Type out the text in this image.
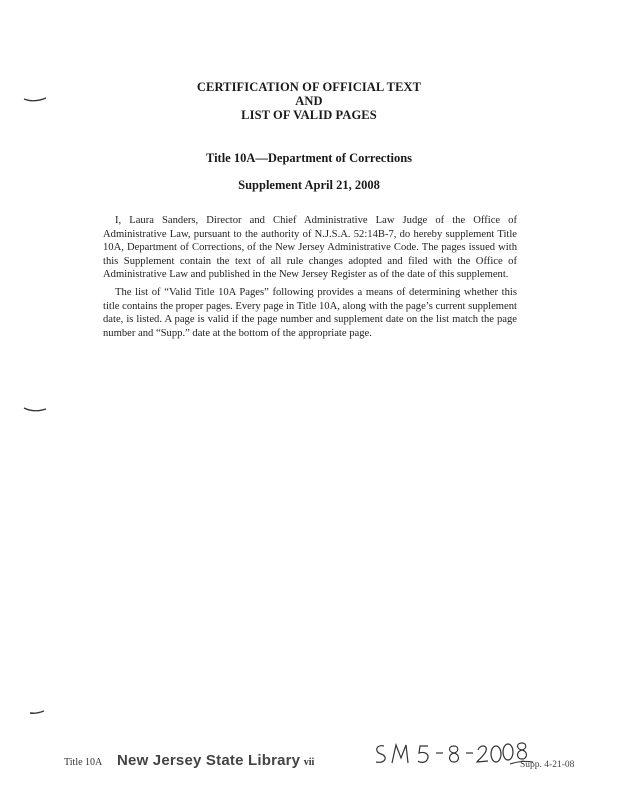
CERTIFICATION OF OFFICIAL TEXT
AND
LIST OF VALID PAGES
Title 10A—Department of Corrections
Supplement April 21, 2008
I, Laura Sanders, Director and Chief Administrative Law Judge of the Office of Administrative Law, pursuant to the authority of N.J.S.A. 52:14B-7, do hereby supplement Title 10A, Department of Corrections, of the New Jersey Administrative Code. The pages issued with this Supplement contain the text of all rule changes adopted and filed with the Office of Administrative Law and published in the New Jersey Register as of the date of this supplement.
The list of “Valid Title 10A Pages” following provides a means of determining whether this title contains the proper pages. Every page in Title 10A, along with the page’s current supplement date, is listed. A page is valid if the page number and supplement date on the list match the page number and “Supp.” date at the bottom of the appropriate page.
Title 10A New Jersey State Library vii	Supp. 4-21-08
